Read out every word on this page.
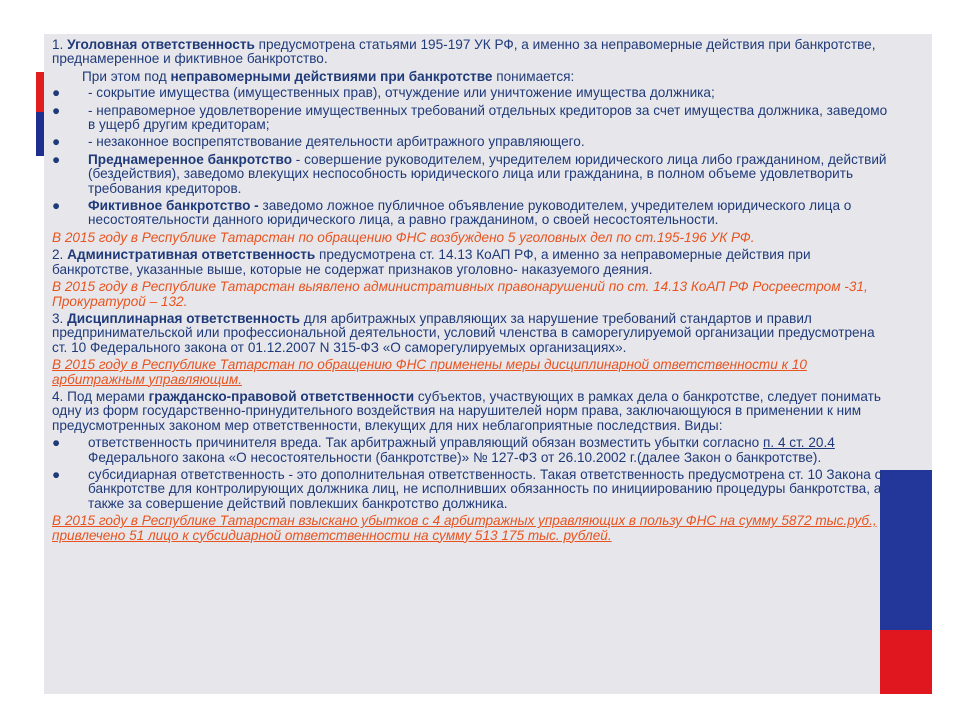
1. Уголовная ответственность предусмотрена статьями 195-197 УК РФ, а именно за неправомерные действия при банкротстве, преднамеренное и фиктивное банкротство.

При этом под неправомерными действиями при банкротстве понимается:

●	- сокрытие имущества (имущественных прав), отчуждение или уничтожение имущества должника;
●	- неправомерное удовлетворение имущественных требований отдельных кредиторов за счет имущества должника, заведомо в ущерб другим кредиторам;
●	- незаконное воспрепятствование деятельности арбитражного управляющего.
●	Преднамеренное банкротство - совершение руководителем, учредителем юридического лица либо гражданином, действий (бездействия), заведомо влекущих неспособность юридического лица или гражданина, в полном объеме удовлетворить требования кредиторов.
●	Фиктивное банкротство - заведомо ложное публичное объявление руководителем, учредителем юридического лица о несостоятельности данного юридического лица, а равно гражданином, о своей несостоятельности.

В 2015 году в Республике Татарстан по обращению ФНС возбуждено 5 уголовных дел по ст.195-196 УК РФ.

2. Административная ответственность предусмотрена ст. 14.13 КоАП РФ, а именно за неправомерные действия при банкротстве, указанные выше, которые не содержат признаков уголовно- наказуемого деяния.

В 2015 году в Республике Татарстан выявлено административных правонарушений по ст. 14.13 КоАП РФ Росреестром -31, Прокуратурой – 132.

3. Дисциплинарная ответственность для арбитражных управляющих за нарушение требований стандартов и правил предпринимательской или профессиональной деятельности, условий членства в саморегулируемой организации предусмотрена ст. 10 Федерального закона от 01.12.2007 N 315-ФЗ «О саморегулируемых организациях».

В 2015 году в Республике Татарстан по обращению ФНС применены меры дисциплинарной ответственности к 10 арбитражным управляющим.

4. Под мерами гражданско-правовой ответственности субъектов, участвующих в рамках дела о банкротстве, следует понимать одну из форм государственно-принудительного воздействия на нарушителей норм права, заключающуюся в применении к ним предусмотренных законом мер ответственности, влекущих для них неблагоприятные последствия. Виды:

●	ответственность причинителя вреда. Так арбитражный управляющий обязан возместить убытки согласно п. 4 ст. 20.4 Федерального закона «О несостоятельности (банкротстве)» № 127-ФЗ от 26.10.2002 г.(далее Закон о банкротстве).
●	субсидиарная ответственность - это дополнительная ответственность. Такая ответственность предусмотрена ст. 10 Закона о банкротстве для контролирующих должника лиц, не исполнивших обязанность по инициированию процедуры банкротства, а также за совершение действий повлекших банкротство должника.

В 2015 году в Республике Татарстан взыскано убытков с 4 арбитражных управляющих в пользу ФНС на сумму 5872 тыс.руб., привлечено 51 лицо к субсидиарной ответственности на сумму 513 175 тыс. рублей.
